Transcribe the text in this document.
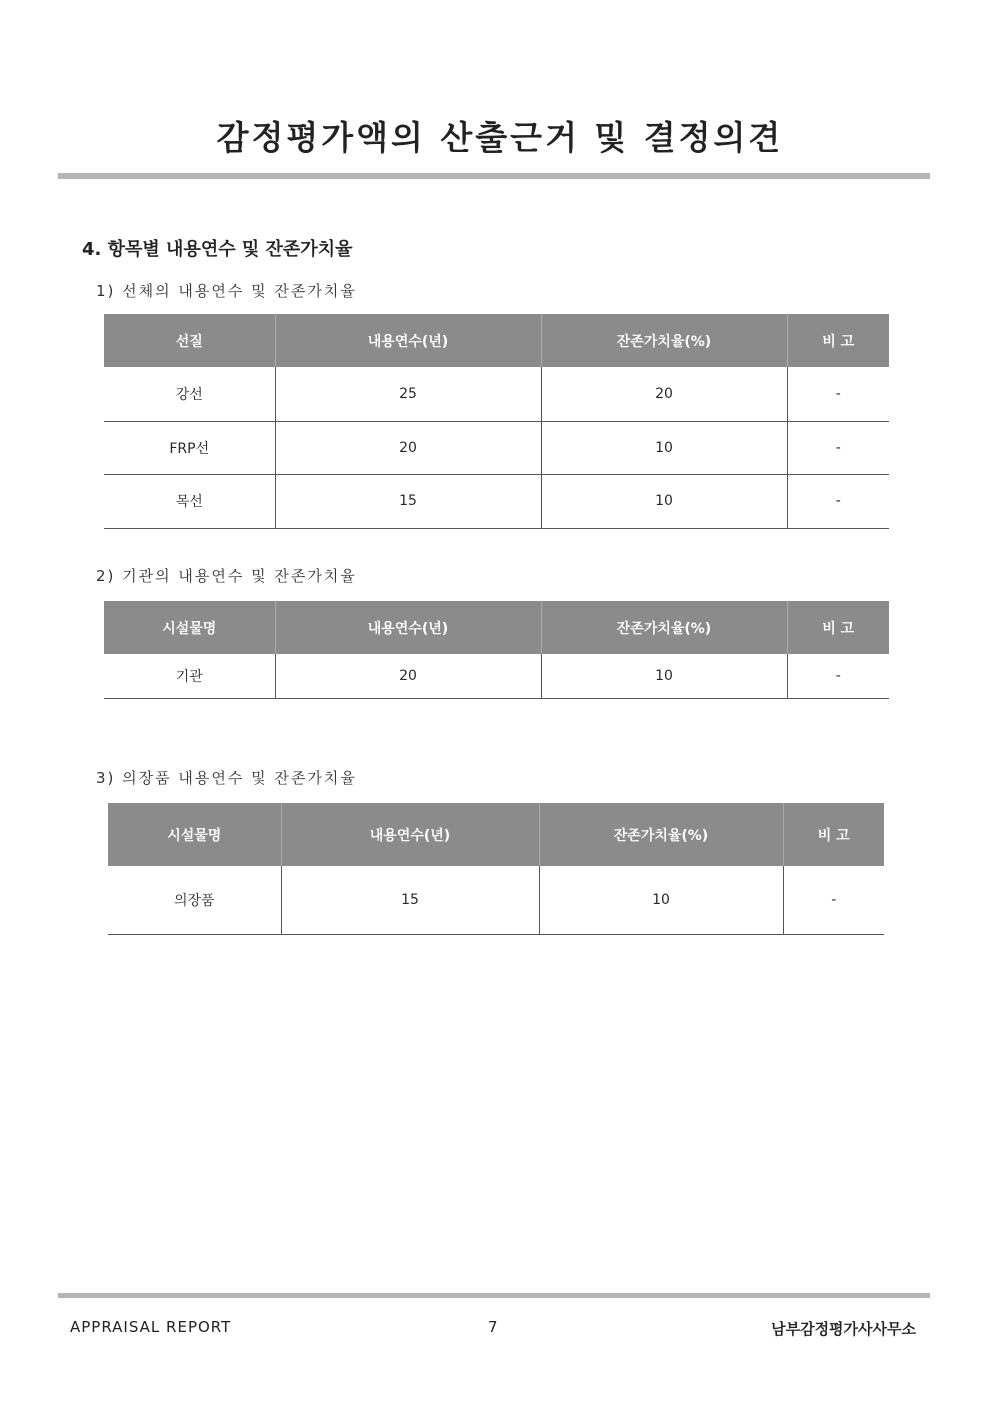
감정평가액의 산출근거 및 결정의견
4. 항목별 내용연수 및 잔존가치율
1) 선체의 내용연수 및 잔존가치율
선질	내용연수(년)	잔존가치율(%)	비 고
강선	25	20	-
FRP선	20	10	-
목선	15	10	-
2) 기관의 내용연수 및 잔존가치율
시설물명	내용연수(년)	잔존가치율(%)	비 고
기관	20	10	-
3) 의장품 내용연수 및 잔존가치율
시설물명	내용연수(년)	잔존가치율(%)	비 고
의장품	15	10	-
APPRAISAL REPORT	7	남부감정평가사사무소
